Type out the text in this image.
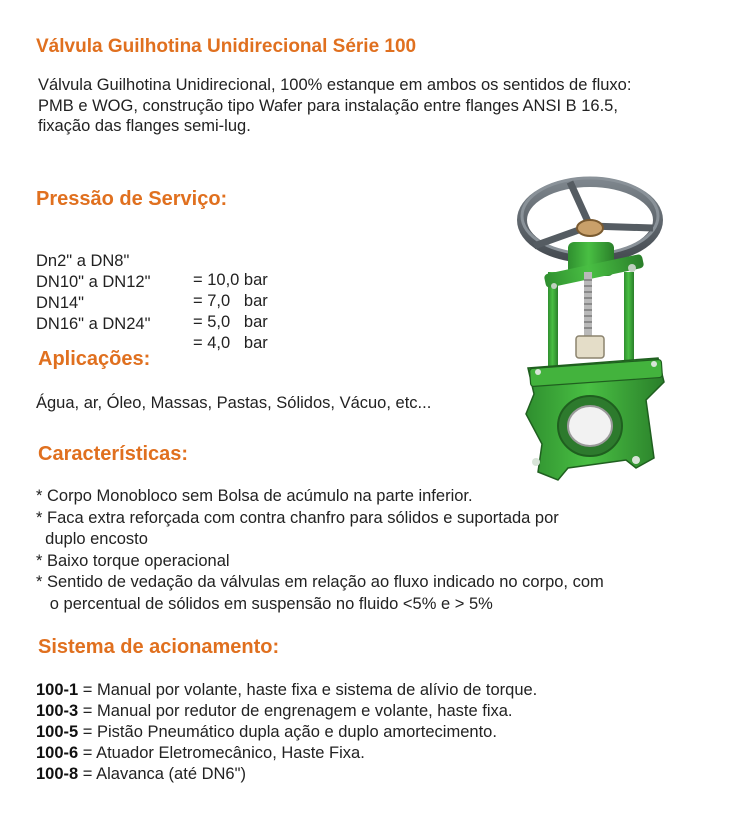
Válvula Guilhotina Unidirecional Série 100
Válvula Guilhotina Unidirecional, 100% estanque em ambos os sentidos de fluxo:
PMB e WOG, construção tipo Wafer para instalação entre flanges ANSI B 16.5,
fixação das flanges semi-lug.
Pressão de Serviço:

Dn2" a DN8"

= 10,0 bar

DN10" a DN12"

= 7,0   bar

DN14"

= 5,0   bar

DN16" a DN24"

= 4,0   bar

Aplicações:
Água, ar, Óleo, Massas, Pastas, Sólidos, Vácuo, etc...
Características:
* Corpo Monobloco sem Bolsa de acúmulo na parte inferior.
* Faca extra reforçada com contra chanfro para sólidos e suportada por
duplo encosto
* Baixo torque operacional
* Sentido de vedação da válvulas em relação ao fluxo indicado no corpo, com
o percentual de sólidos em suspensão no fluido <5% e > 5%
Sistema de acionamento:
100-1 = Manual por volante, haste fixa e sistema de alívio de torque.
100-3 = Manual por redutor de engrenagem e volante, haste fixa.
100-5 = Pistão Pneumático dupla ação e duplo amortecimento.
100-6 = Atuador Eletromecânico, Haste Fixa.
100-8 = Alavanca (até DN6")
